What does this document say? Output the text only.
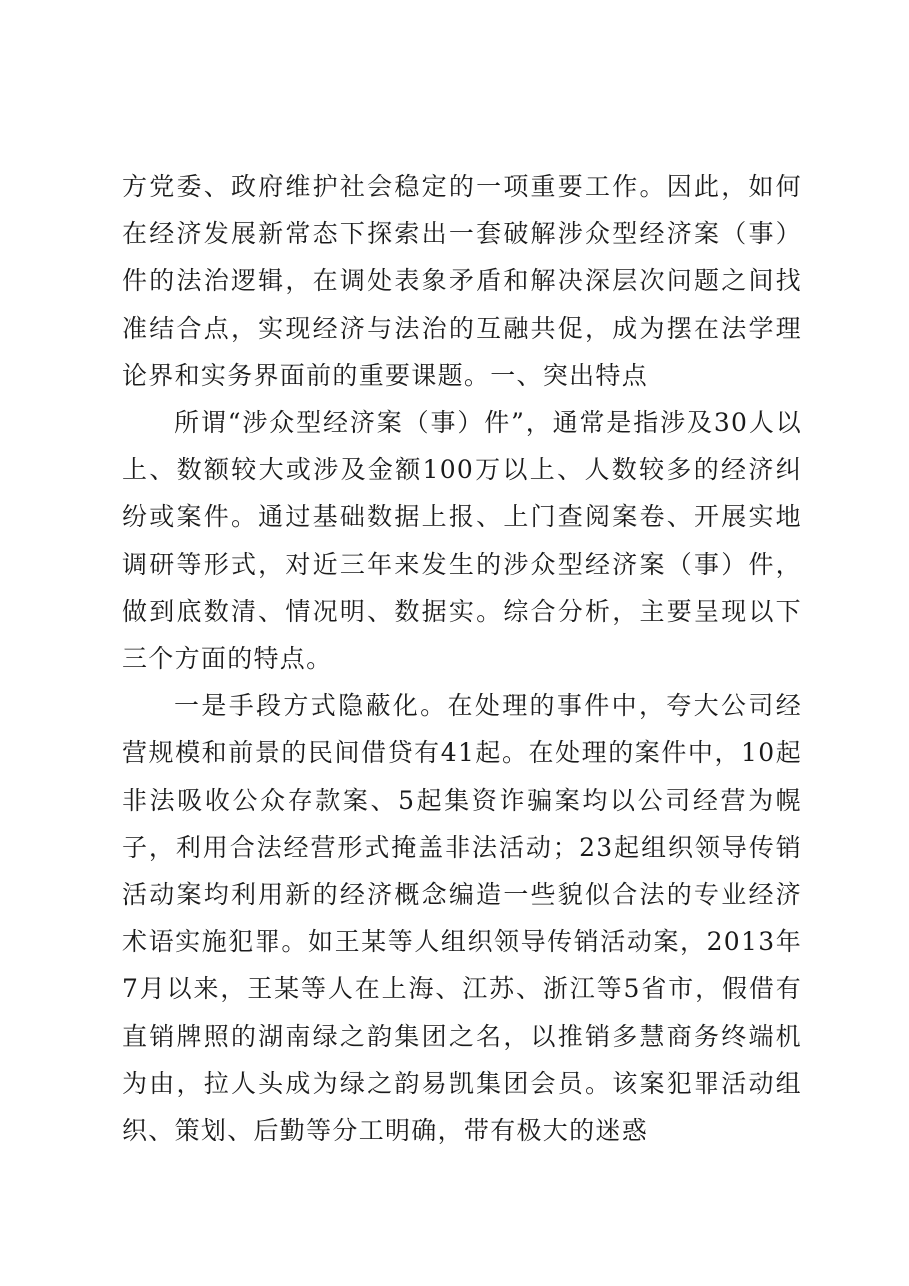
方党委、政府维护社会稳定的一项重要工作。因此，如何在经济发展新常态下探索出一套破解涉众型经济案（事）件的法治逻辑，在调处表象矛盾和解决深层次问题之间找准结合点，实现经济与法治的互融共促，成为摆在法学理论界和实务界面前的重要课题。一、突出特点

所谓“涉众型经济案（事）件”，通常是指涉及30人以上、数额较大或涉及金额100万以上、人数较多的经济纠纷或案件。通过基础数据上报、上门查阅案卷、开展实地调研等形式，对近三年来发生的涉众型经济案（事）件，做到底数清、情况明、数据实。综合分析，主要呈现以下三个方面的特点。

一是手段方式隐蔽化。在处理的事件中，夸大公司经营规模和前景的民间借贷有41起。在处理的案件中，10起非法吸收公众存款案、5起集资诈骗案均以公司经营为幌子，利用合法经营形式掩盖非法活动；23起组织领导传销活动案均利用新的经济概念编造一些貌似合法的专业经济术语实施犯罪。如王某等人组织领导传销活动案，2013年7月以来，王某等人在上海、江苏、浙江等5省市，假借有直销牌照的湖南绿之韵集团之名，以推销多慧商务终端机为由，拉人头成为绿之韵易凯集团会员。该案犯罪活动组织、策划、后勤等分工明确，带有极大的迷惑
